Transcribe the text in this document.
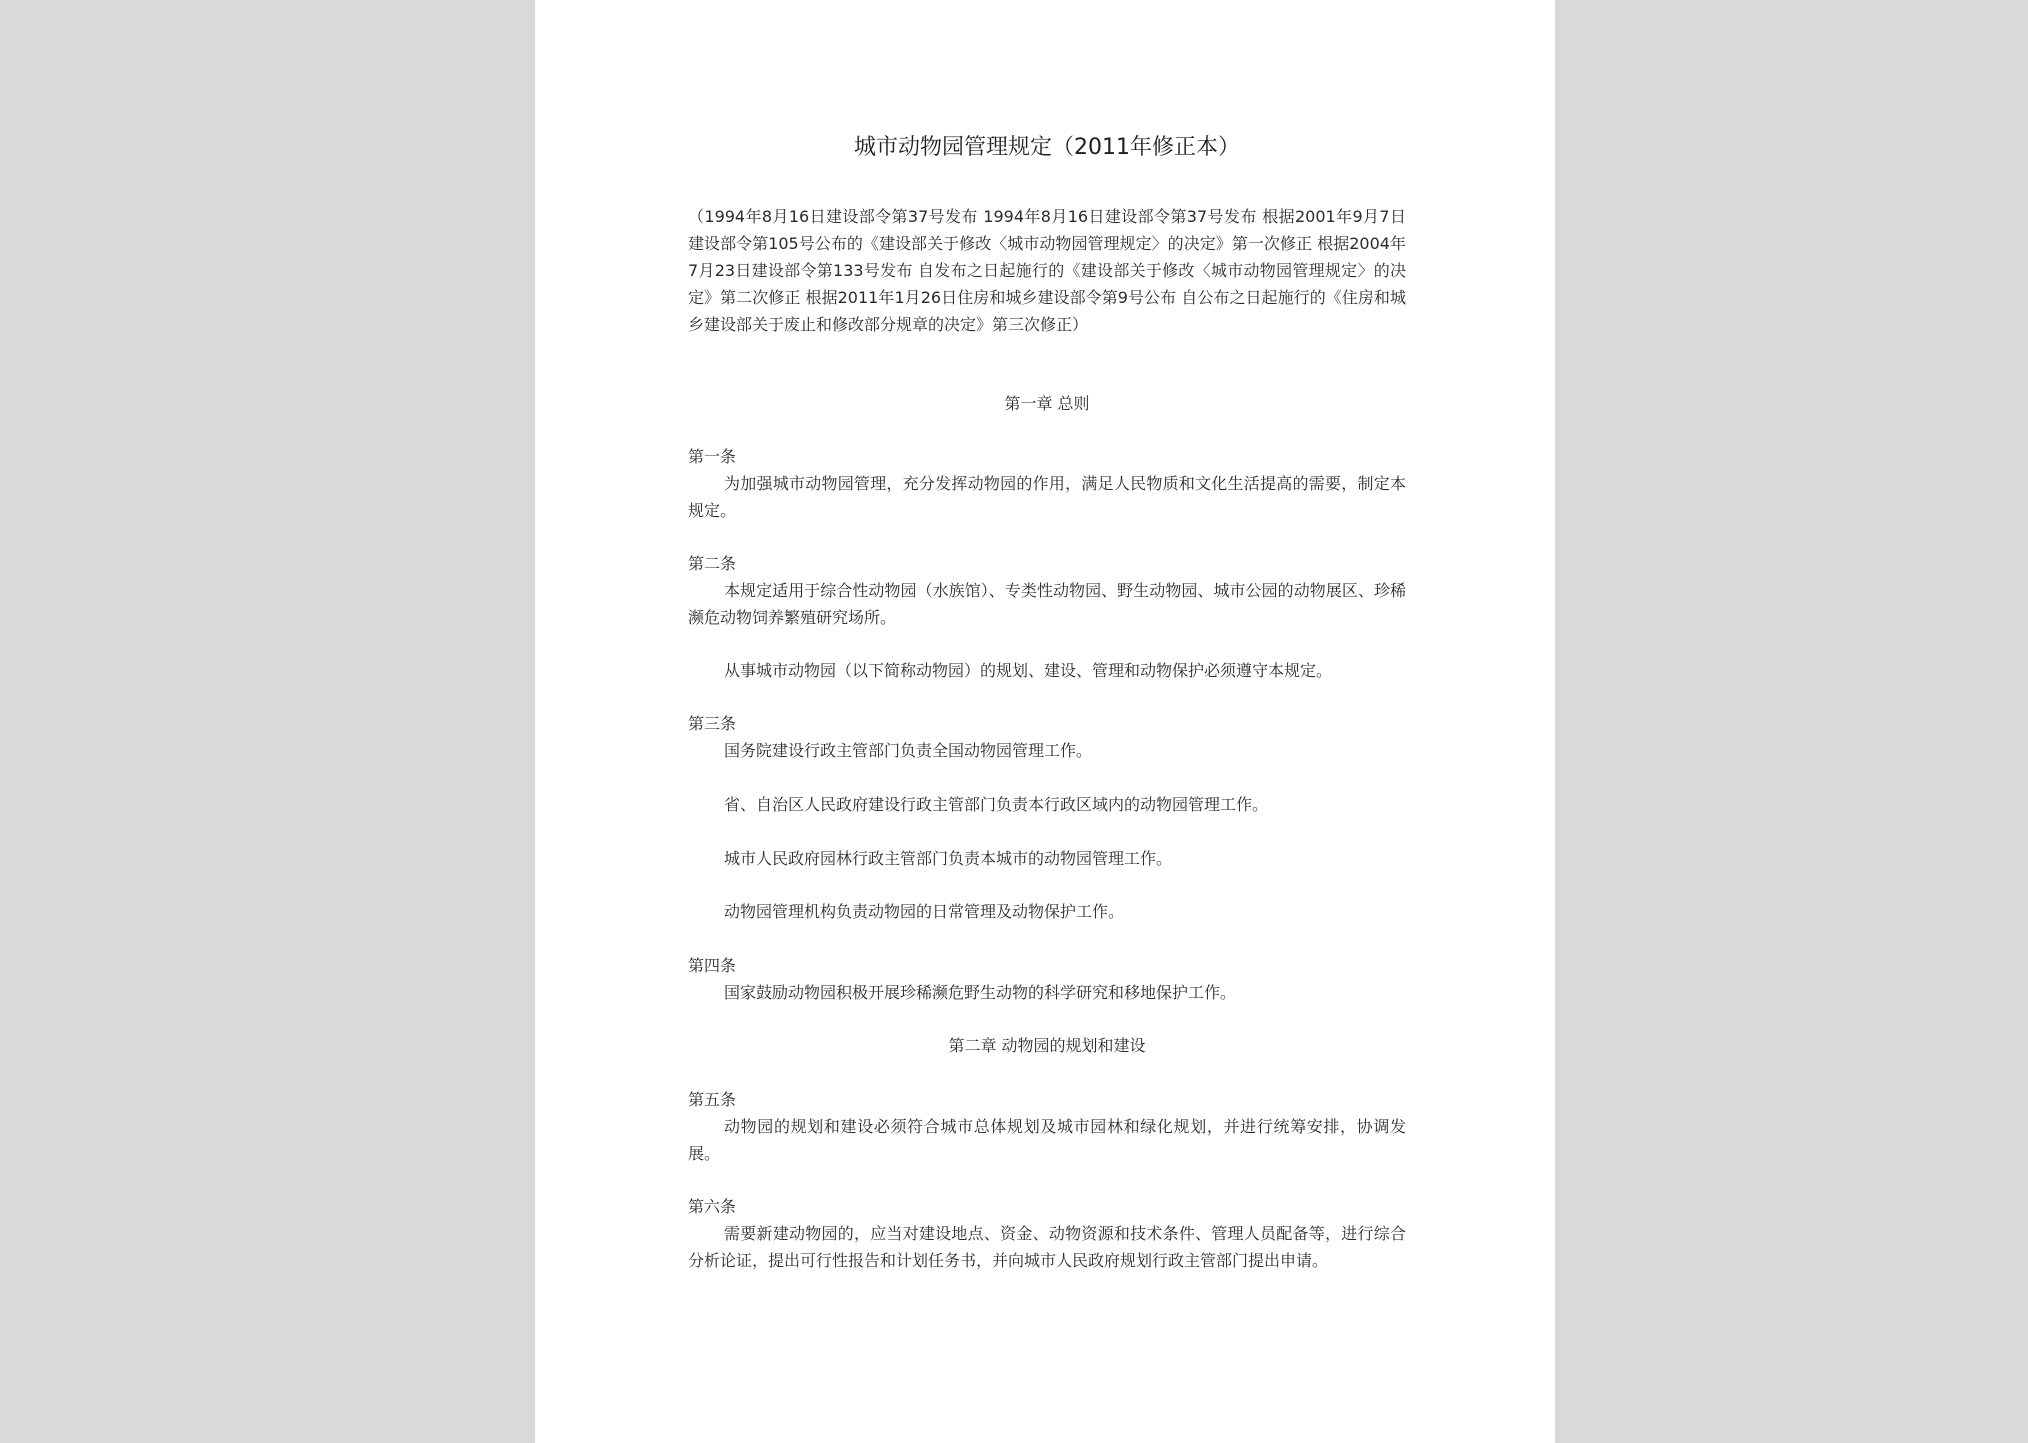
城市动物园管理规定（2011年修正本）

（1994年8月16日建设部令第37号发布 1994年8月16日建设部令第37号发布 根据2001年9月7日建设部令第105号公布的《建设部关于修改〈城市动物园管理规定〉的决定》第一次修正 根据2004年7月23日建设部令第133号发布 自发布之日起施行的《建设部关于修改〈城市动物园管理规定〉的决定》第二次修正 根据2011年1月26日住房和城乡建设部令第9号公布 自公布之日起施行的《住房和城乡建设部关于废止和修改部分规章的决定》第三次修正）

第一章 总则
第一条

为加强城市动物园管理，充分发挥动物园的作用，满足人民物质和文化生活提高的需要，制定本规定。

第二条

本规定适用于综合性动物园（水族馆）、专类性动物园、野生动物园、城市公园的动物展区、珍稀濒危动物饲养繁殖研究场所。

从事城市动物园（以下简称动物园）的规划、建设、管理和动物保护必须遵守本规定。

第三条

国务院建设行政主管部门负责全国动物园管理工作。

省、自治区人民政府建设行政主管部门负责本行政区域内的动物园管理工作。

城市人民政府园林行政主管部门负责本城市的动物园管理工作。

动物园管理机构负责动物园的日常管理及动物保护工作。

第四条

国家鼓励动物园积极开展珍稀濒危野生动物的科学研究和移地保护工作。

第二章 动物园的规划和建设
第五条

动物园的规划和建设必须符合城市总体规划及城市园林和绿化规划，并进行统筹安排，协调发展。

第六条

需要新建动物园的，应当对建设地点、资金、动物资源和技术条件、管理人员配备等，进行综合分析论证，提出可行性报告和计划任务书，并向城市人民政府规划行政主管部门提出申请。
